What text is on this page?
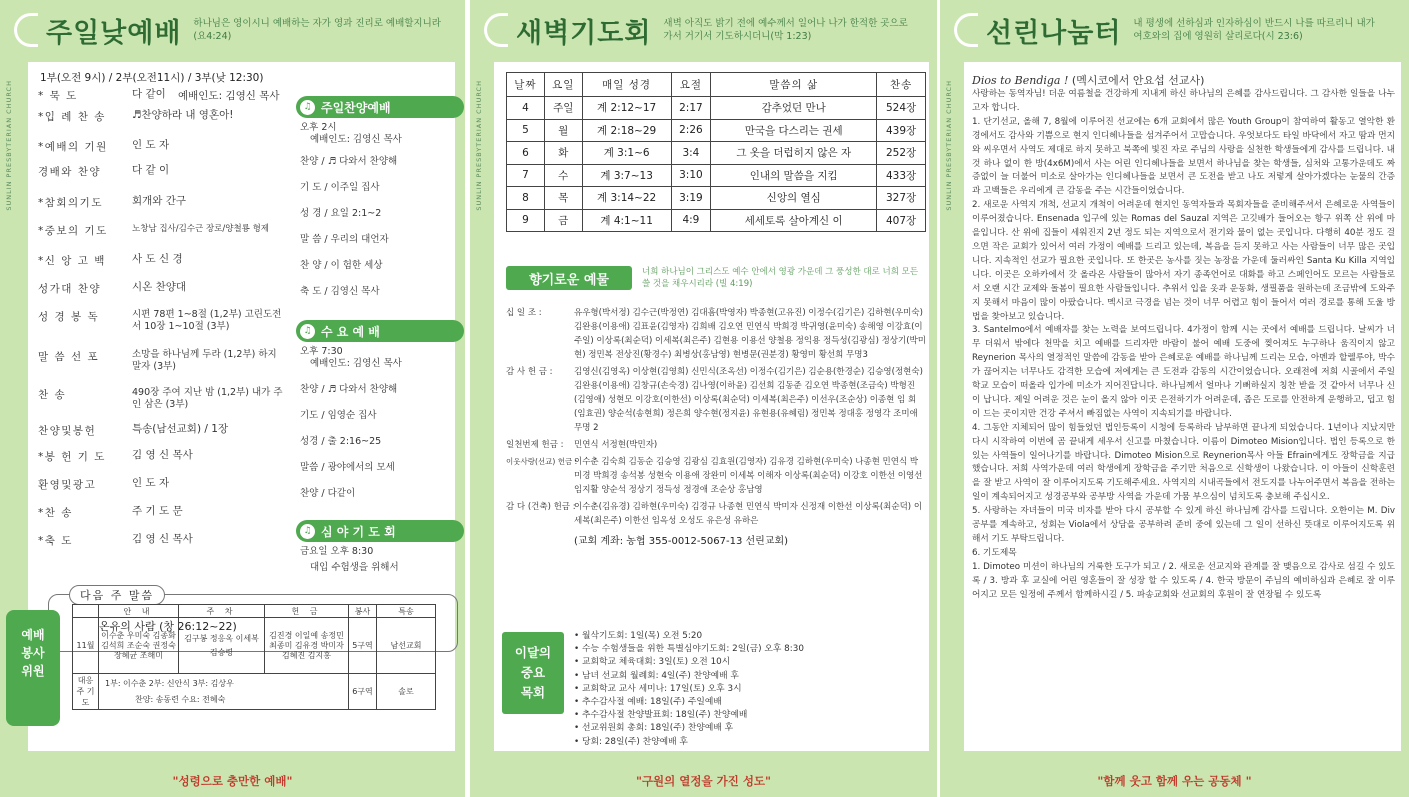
주일낮예배 하나님은 영이시니 예배하는 자가 영과 진리로 예배할지니라(요4:24)
SUNLIN PRESBYTERIAN CHURCH
1부(오전 9시) / 2부(오전11시) / 3부(낮 12:30)
* 묵 도	다 같이	예배인도: 김영신 목사
*입 례 찬 송	♬찬양하라 내 영혼아!
*예배의 기원	인 도 자
경배와 찬양	다 같 이
*참회의기도	회개와 간구
*중보의 기도	노창남 집사/김수근 장로/양철룡 형제
*신 앙 고 백	사 도 신 경
성가대 찬양	시온 찬양대
성 경 봉 독	시편 78편 1~8절 (1,2부) 고린도전서 10장 1~10절 (3부)
말 씀 선 포	소망을 하나님께 두라 (1,2부) 하지 말자 (3부)
찬 송	490장 주여 지난 밤 (1,2부) 내가 주인 삼은 (3부)
찬양및봉헌	특송(남선교회) / 1장
*봉 헌 기 도	김 영 신 목사
환영및광고	인 도 자
*찬 송	주 기 도 문
*축 도	김 영 신 목사
♫ 주일찬양예배
오후 2시
예배인도: 김영신 목사
찬양 / ♬ 다와서 찬양해
기 도 / 이주일 집사
성 경 / 요일 2:1~2
말 씀 / 우리의 대언자
찬 양 / 이 험한 세상
축 도 / 김영신 목사
♫ 수 요 예 배
오후 7:30
예배인도: 김영신 목사
찬양 / ♬ 다와서 찬양해
기도 / 임영순 집사
성경 / 출 2:16~25
말씀 / 광야에서의 모세
찬양 / 다같이
♫ 심 야 기 도 회
금요일 오후 8:30
대입 수험생을 위해서
다음 주 말씀
온유의 사람 (창 26:12~22)
예배 봉사 위원
	안 내	주 차	헌 금	봉사	특송
11월	이수춘 우미숙 김종화 김석희 조순숙 권정숙 장혜균 조해미	김구봉 정응옥 이세복 김승령	김진경 이일예 송정민 최종미 김유경 박미자 김혜진 김지홍	5구역	남선교회
대응주 기도	1부: 이수춘 2부: 신안식 3부: 김상우
찬양: 송동련 수요: 전혜숙			6구역	솔로
"성령으로 충만한 예배"
새벽기도회 새벽 아직도 밝기 전에 예수께서 일어나 나가 한적한 곳으로 가서 거기서 기도하시더니(막 1:23)
SUNLIN PRESBYTERIAN CHURCH	날짜	요일	매일 성경	요절	말씀의 삶	찬송
4	주일	계 2:12~17	2:17	감추었던 만나	524장
5	월	계 2:18~29	2:26	만국을 다스리는 권세	439장
6	화	계 3:1~6	3:4	그 옷을 더럽히지 않은 자	252장
7	수	계 3:7~13	3:10	인내의 말씀을 지킴	433장
8	목	계 3:14~22	3:19	신앙의 열심	327장
9	금	계 4:1~11	4:9	세세토록 살아계신 이	407장
향기로운 예물
너희 하나님이 그리스도 예수 안에서 영광 가운데 그 풍성한 대로 너희 모든 쓸 것을 채우시리라 (빌 4:19)
십 일 조 :	유우형(박서정) 김수근(박정연) 김대흠(박영자) 박종현(고유진) 이정수(김기은) 김하현(우미숙) 김완용(이용애) 김표윤(김영자) 김희배 김오연 민연식 박희경 박귀영(윤미숙) 송해영 이강효(이주일) 이상록(최순덕) 이세복(최은주) 김현용 이용선 양철용 정익용 정득성(김광심) 정상기(박미현) 정민복 전상진(황경수) 최병상(홍남영) 현병문(권분경) 황영미 황선희 무명3
감 사 헌 금 :	김영신(김영옥) 이상현(김영희) 신민식(조옥선) 이정수(김기은) 김순용(한경순) 김승영(정현숙) 김완용(이용애) 김창규(손숙경) 김나영(이하윤) 김선희 김동준 김오연 박종현(조금숙) 박형진(김영애) 성현모 이강호(이한선) 이상록(최순덕) 이세복(최은주) 이선우(조순상) 이종현 임 회(임효권) 양순석(송현희) 정은희 양수현(정지윤) 유현용(유혜림) 정민복 정대홍 정영각 조미애 무명 2
일천번제 헌금 :	민연식 서정현(박민자)
이웃사랑(선교) 헌금 :
이수춘 김숙희 김동순 김승영 김광심 김효원(김영자) 김유경 김하현(우미숙) 나종현 민연식 박미경 박희경 송석봉 성현숙 이용애 장완미 이세복 이해자 이상록(최순덕) 이강호 이한선 이영선 임지활 양순석 정상기 정득성 정경애 조순상 홍남영
감 다 (건축) 헌금 :
이수춘(김유경) 김하현(우미숙) 김경규 나종현 민연식 박미자 신정재 이한선 이상록(최순덕) 이세복(최은주) 이한선 임옥성 오성도 유은성 유하은
(교회 계좌: 농협 355-0012-5067-13 선린교회)
이달의 중요 목회
• 월삭기도회: 1일(목) 오전 5:20
• 수능 수험생들을 위한 특별심야기도회: 2일(금) 오후 8:30
• 교회학교 체육대회: 3일(토) 오전 10시
• 남녀 선교회 월례회: 4일(주) 찬양예배 후
• 교회학교 교사 세미나: 17일(토) 오후 3시
• 추수감사절 예배: 18일(주) 주일예배
• 추수감사절 찬양발표회: 18일(주) 찬양예배
• 선교위원회 총회: 18일(주) 찬양예배 후
• 당회: 28일(주) 찬양예배 후
"구원의 열정을 가진 성도"
선린나눔터 내 평생에 선하심과 인자하심이 반드시 나를 따르리니 내가 여호와의 집에 영원히 살리로다(시 23:6)
SUNLIN PRESBYTERIAN CHURCH	Dios to Bendiga ! (멕시코에서 안요섭 선교사)

사랑하는 동역자님! 더운 여름철을 건강하게 지내게 하신 하나님의 은혜를 감사드립니다. 그 감사한 일들을 나누고자 합니다.

1. 단기선교, 올해 7, 8월에 이루어진 선교에는 6개 교회에서 많은 Youth Group이 참여하여 활동고 열악한 환경에서도 감사와 기쁨으로 현지 인디헤나들을 섬겨주어서 고맙습니다. 우엇보다도 타일 바닥에서 자고 땀과 먼지와 씨우면서 사역도 제대로 하지 못하고 북쪽에 빛진 자로 주님의 사랑을 실천한 학생들에게 감사를 드립니다. 내 것 하나 없이 한 방(4x6M)에서 사는 어린 인디헤나들을 보면서 하나님을 찾는 학생들, 심처와 고통가운데도 짜증없이 늘 더불어 미소로 살아가는 인디헤나들을 보면서 큰 도전을 받고 나도 저렇게 살아가겠다는 눈물의 간증과 고백들은 우리에게 큰 감동을 주는 시간들이었습니다.

2. 새로운 사역지 개척, 선교지 개척이 어려운데 현지인 동역자들과 목회자들을 준비해주셔서 은혜로운 사역들이 이루어졌습니다. Ensenada 입구에 있는 Romas del Sauzal 지역은 고깃배가 들어오는 항구 위쪽 산 위에 마을입니다. 산 위에 집들이 세워진지 2년 정도 되는 지역으로서 전기와 물이 없는 곳입니다. 다행히 40분 정도 걸으면 작은 교회가 있어서 여러 가정이 예배를 드리고 있는데, 복음을 듣지 못하고 사는 사람들이 너무 많은 곳입니다. 지속적인 선교가 필요한 곳입니다. 또 한곳은 농사를 짓는 농장을 가운데 둘러싸인 Santa Ku Killa 지역입니다. 이곳은 오하카에서 갓 올라온 사람들이 많아서 자기 종족언어로 대화를 하고 스페인어도 모르는 사람들로서 오랜 시간 교제와 돌봄이 필요한 사람들입니다. 추위서 입을 옷과 운동화, 생필품을 원하는데 조금밖에 도와주지 못해서 마음이 많이 아팠습니다. 멕시코 극경을 넘는 것이 너무 어렵고 힘이 들어서 여러 경로를 통해 도울 방법을 찾아보고 있습니다.

3. Santelmo에서 예배자를 찾는 노력을 보여드립니다. 4가정이 함께 시는 곳에서 예배를 드립니다. 날씨가 너무 더워서 밖에다 천막을 치고 예배를 드리자만 바람이 불어 예배 도중에 찢어져도 누구하나 움직이지 않고 Reynerion 목사의 열정적인 말씀에 감동을 받아 은혜로운 예배를 하나님께 드리는 모습, 아멘과 할렐루야, 박수가 끊어지는 너무나도 감격한 모습에 저에게는 큰 도전과 감동의 시간이었습니다. 오래전에 저희 시골에서 주일학교 모습이 떠올라 입가에 미소가 지어진답니다. 하나님께서 얼마나 기뻐하실지 칭찬 받을 것 같아서 너무나 신이 납니다. 제일 어려운 것은 눈이 올지 않아 이곳 은전하기가 어려운데, 좁은 도로를 안전하게 운행하고, 덥고 힘이 드는 곳이지만 건강 주셔서 빠짐없는 사역이 지속되기를 바랍니다.

4. 그동안 지체되어 많이 힘들었던 법인등록이 시청에 등록하라 남부하면 끝나게 되었습니다. 1년이나 지났지만 다시 시작하여 이번에 곰 끝내게 세우서 신고를 마쳤습니다. 이름이 Dimoteo Mision입니다. 법인 등록으로 한 있는 사역들이 일어나기를 바랍니다. Dimoteo Mision으로 Reynerion목사 아들 Efrain에게도 장학금을 지급했습니다. 저희 사역가운데 여러 학생에게 장학금을 주기만 처음으로 신학생이 나왔습니다. 이 아들이 신학훈련을 잘 받고 사역이 잘 이루어지도록 기도해주세요. 사역지의 시내곡들에서 전도지를 나누어주면서 복음을 전하는 일이 계속되어지고 성경공부와 공부방 사역을 가운데 가뭄 부으심이 넘치도록 충보해 주십시오.

5. 사랑하는 자녀들이 미국 비자를 받아 다시 공부할 수 있게 하신 하나님께 감사를 드립니다. 오한이는 M. Div 공부를 계속하고, 성회는 Viola에서 상담을 공부하려 준비 중에 있는데 그 일이 선하신 뜻대로 이루어지도록 위해서 기도 부탁드립니다.

6. 기도제목

1. Dimoteo 미션이 하나님의 거룩한 도구가 되고 / 2. 새로운 선교지와 관계를 잘 맺음으로 감사로 섬길 수 있도록 / 3. 방과 후 교실에 어린 영혼들이 잘 성장 할 수 있도록 / 4. 한국 방문이 주님의 예비하심과 은혜로 잘 이루어지고 모든 일정에 주께서 함께하시길 / 5. 파송교회와 선교회의 후원이 잘 연장될 수 있도록

"함께 웃고 함께 우는 공동체 "
